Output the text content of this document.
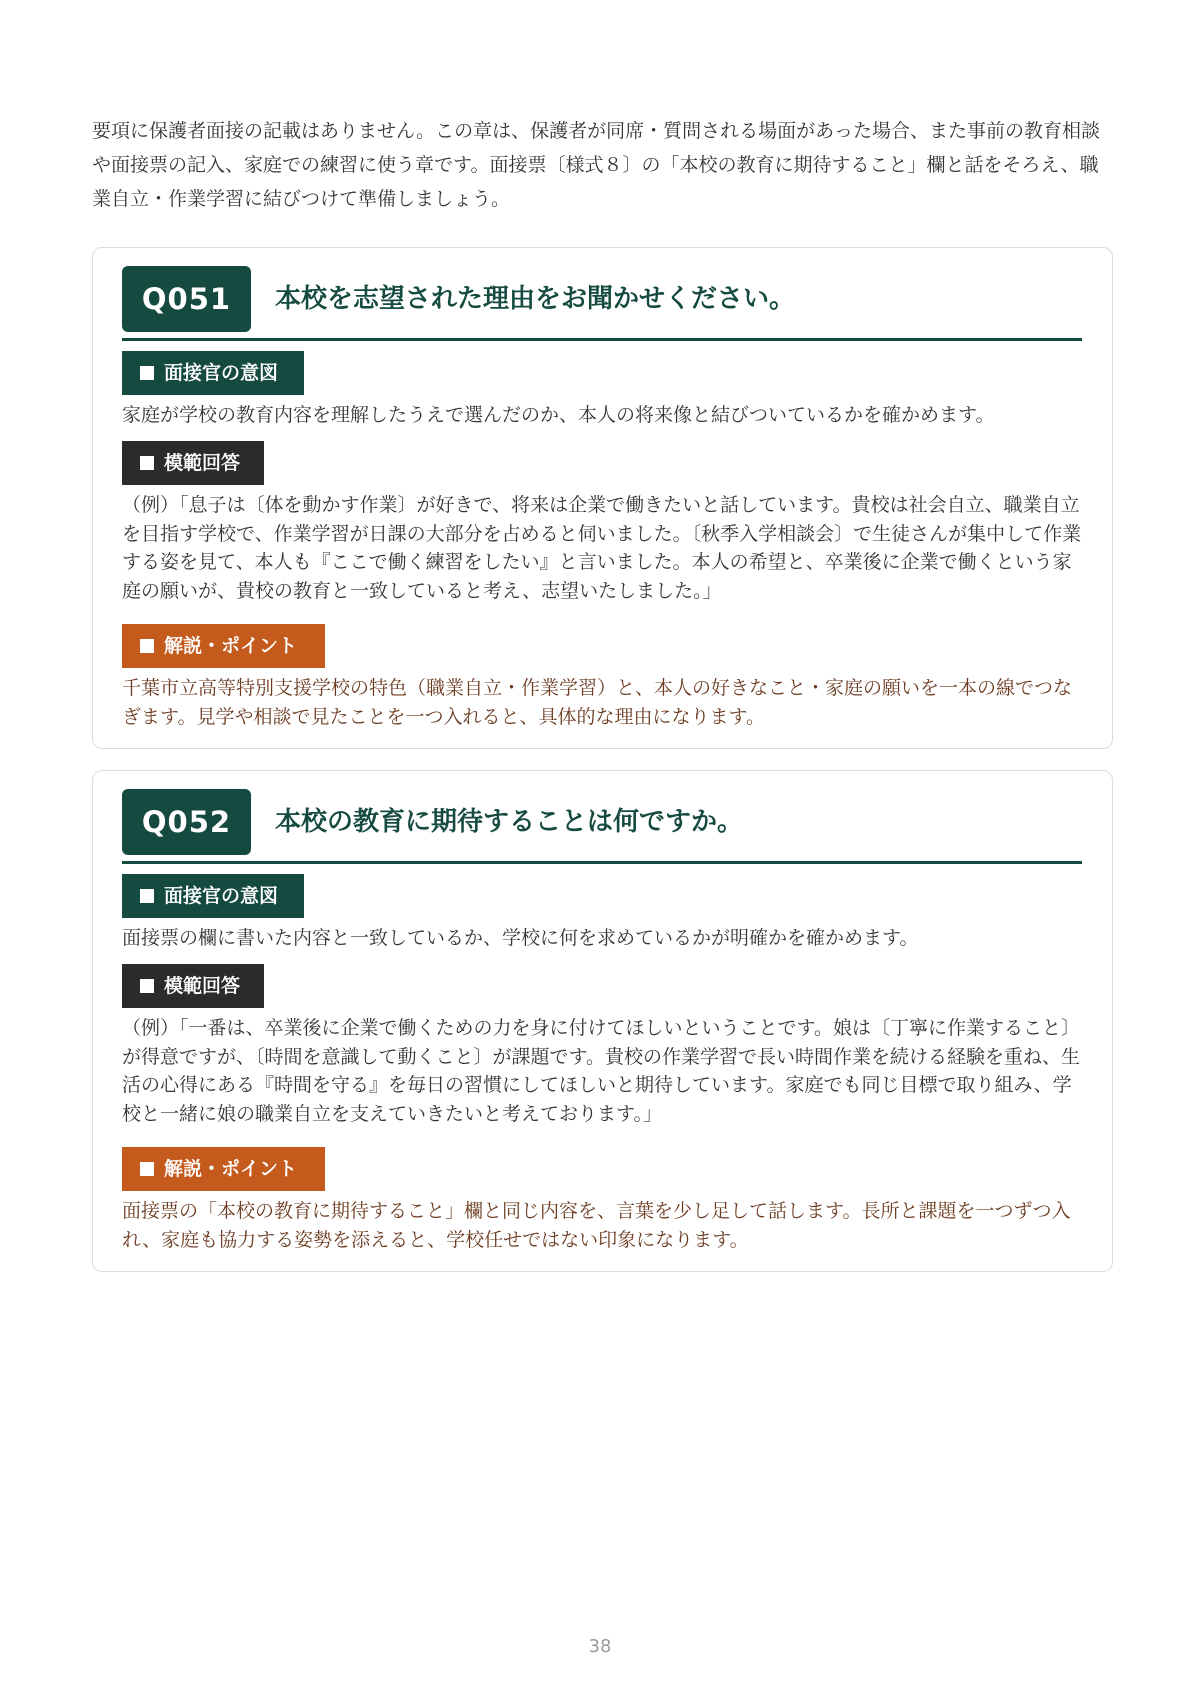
要項に保護者面接の記載はありません。この章は、保護者が同席・質問される場面があった場合、また事前の教育相談や面接票の記入、家庭での練習に使う章です。面接票〔様式８〕の「本校の教育に期待すること」欄と話をそろえ、職業自立・作業学習に結びつけて準備しましょう。

Q051	本校を志望された理由をお聞かせください。
面接官の意図

家庭が学校の教育内容を理解したうえで選んだのか、本人の将来像と結びついているかを確かめます。

模範回答

（例）「息子は〔体を動かす作業〕が好きで、将来は企業で働きたいと話しています。貴校は社会自立、職業自立を目指す学校で、作業学習が日課の大部分を占めると伺いました。〔秋季入学相談会〕で生徒さんが集中して作業する姿を見て、本人も『ここで働く練習をしたい』と言いました。本人の希望と、卒業後に企業で働くという家庭の願いが、貴校の教育と一致していると考え、志望いたしました。」

解説・ポイント

千葉市立高等特別支援学校の特色（職業自立・作業学習）と、本人の好きなこと・家庭の願いを一本の線でつなぎます。見学や相談で見たことを一つ入れると、具体的な理由になります。

Q052	本校の教育に期待することは何ですか。
面接官の意図

面接票の欄に書いた内容と一致しているか、学校に何を求めているかが明確かを確かめます。

模範回答

（例）「一番は、卒業後に企業で働くための力を身に付けてほしいということです。娘は〔丁寧に作業すること〕が得意ですが、〔時間を意識して動くこと〕が課題です。貴校の作業学習で長い時間作業を続ける経験を重ね、生活の心得にある『時間を守る』を毎日の習慣にしてほしいと期待しています。家庭でも同じ目標で取り組み、学校と一緒に娘の職業自立を支えていきたいと考えております。」

解説・ポイント

面接票の「本校の教育に期待すること」欄と同じ内容を、言葉を少し足して話します。長所と課題を一つずつ入れ、家庭も協力する姿勢を添えると、学校任せではない印象になります。

38
